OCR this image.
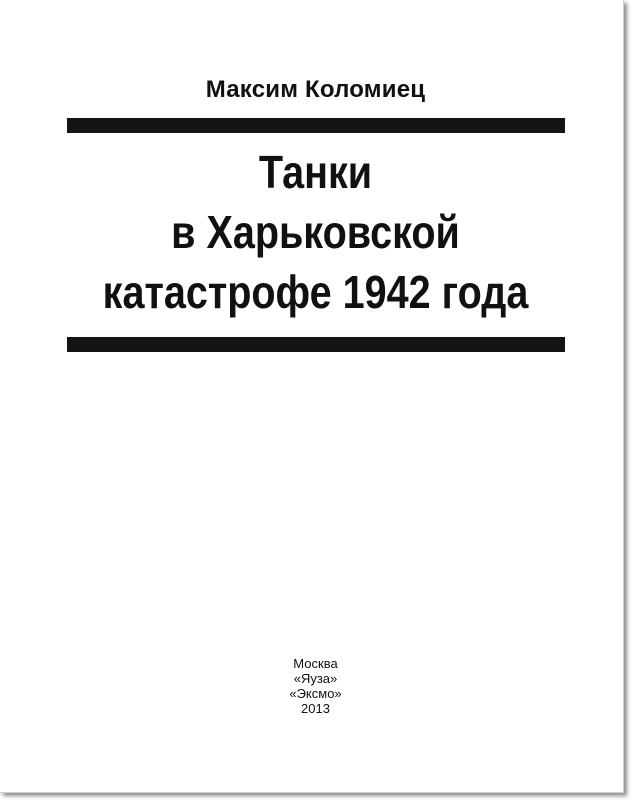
Максим Коломиец
Танки
в Харьковской
катастрофе 1942 года
Москва
«Яуза»
«Эксмо»
2013
